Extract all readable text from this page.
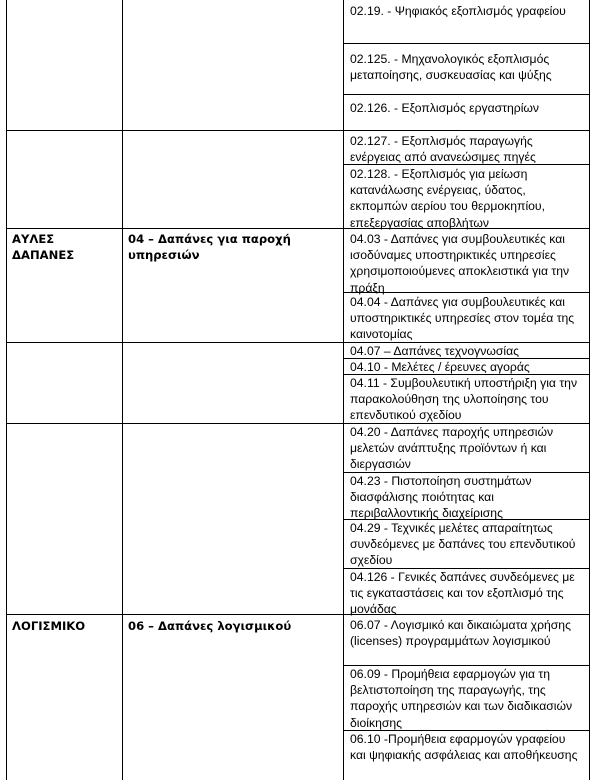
02.19. - Ψηφιακός εξοπλισμός γραφείου
02.125. - Μηχανολογικός εξοπλισμός μεταποίησης, συσκευασίας και ψύξης
02.126. - Εξοπλισμός εργαστηρίων
02.127. - Εξοπλισμός παραγωγής ενέργειας από ανανεώσιμες πηγές
02.128. - Εξοπλισμός για μείωση κατανάλωσης ενέργειας, ύδατος, εκπομπών αερίου του θερμοκηπίου, επεξεργασίας αποβλήτων
ΑΥΛΕΣ ΔΑΠΑΝΕΣ
04 – Δαπάνες για παροχή υπηρεσιών
04.03 - Δαπάνες για συμβουλευτικές και ισοδύναμες υποστηρικτικές υπηρεσίες χρησιμοποιούμενες αποκλειστικά για την πράξη
04.04 - Δαπάνες για συμβουλευτικές και υποστηρικτικές υπηρεσίες στον τομέα της καινοτομίας
04.07 – Δαπάνες τεχνογνωσίας
04.10 - Μελέτες / έρευνες αγοράς
04.11 - Συμβουλευτική υποστήριξη για την παρακολούθηση της υλοποίησης του επενδυτικού σχεδίου
04.20 - Δαπάνες παροχής υπηρεσιών μελετών ανάπτυξης προϊόντων ή και διεργασιών
04.23 - Πιστοποίηση συστημάτων διασφάλισης ποιότητας και περιβαλλοντικής διαχείρισης
04.29 - Τεχνικές μελέτες απαραίτητως συνδεόμενες με δαπάνες του επενδυτικού σχεδίου
04.126 - Γενικές δαπάνες συνδεόμενες με τις εγκαταστάσεις και τον εξοπλισμό της μονάδας
ΛΟΓΙΣΜΙΚΟ	06 – Δαπάνες λογισμικού	06.07 - Λογισμικό και δικαιώματα χρήσης (licenses) προγραμμάτων λογισμικού
06.09 - Προμήθεια εφαρμογών για τη βελτιστοποίηση της παραγωγής, της παροχής υπηρεσιών και των διαδικασιών διοίκησης
06.10 -Προμήθεια εφαρμογών γραφείου και ψηφιακής ασφάλειας και αποθήκευσης
